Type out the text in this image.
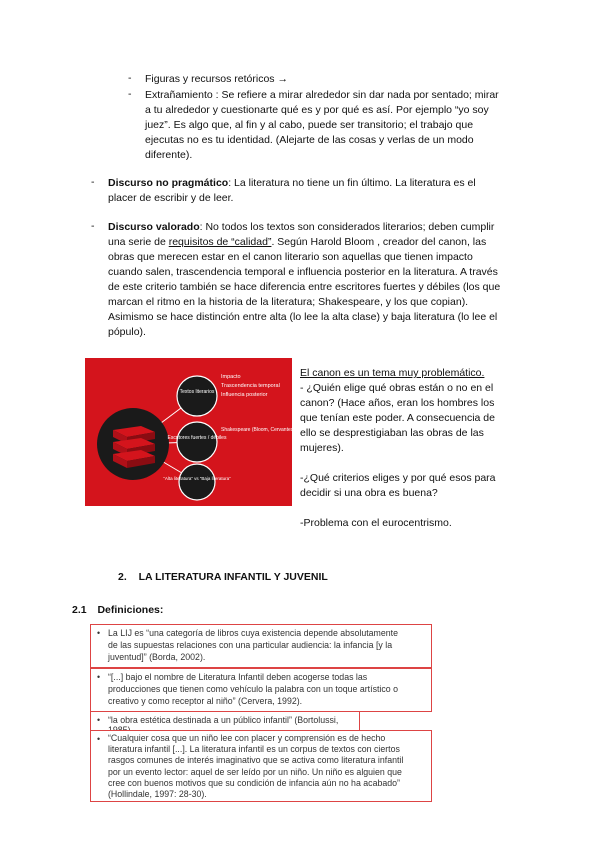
- Figuras y recursos retóricos →
- Extrañamiento : Se refiere a mirar alrededor sin dar nada por sentado; mirar
a tu alrededor y cuestionarte qué es y por qué es así. Por ejemplo “yo soy
juez”. Es algo que, al fin y al cabo, puede ser transitorio; el trabajo que
ejecutas no es tu identidad. (Alejarte de las cosas y verlas de un modo
diferente).
- Discurso no pragmático: La literatura no tiene un fin último. La literatura es el
placer de escribir y de leer.
- Discurso valorado: No todos los textos son considerados literarios; deben cumplir
una serie de requisitos de “calidad”. Según Harold Bloom , creador del canon, las
obras que merecen estar en el canon literario son aquellas que tienen impacto
cuando salen, trascendencia temporal e influencia posterior en la literatura. A través
de este criterio también se hace diferencia entre escritores fuertes y débiles (los que
marcan el ritmo en la historia de la literatura; Shakespeare, y los que copian).
Asimismo se hace distinción entre alta (lo lee la alta clase) y baja literatura (lo lee el
pópulo).
Textos literarios
Escritores fuertes / débiles
“Alta literatura” vs “Baja literatura”
Impacto
Trascendencia temporal
Influencia posterior
Shakespeare (Bloom, Cervantes, Tolstoi, Joyce...)
El canon es un tema muy problemático.
- ¿Quién elige qué obras están o no en el
canon? (Hace años, eran los hombres los
que tenían este poder. A consecuencia de
ello se desprestigiaban las obras de las
mujeres).
-¿Qué criterios eliges y por qué esos para
decidir si una obra es buena?
-Problema con el eurocentrismo.
2. LA LITERATURA INFANTIL Y JUVENIL
2.1 Definiciones:
• La LIJ es “una categoría de libros cuya existencia depende absolutamente
de las supuestas relaciones con una particular audiencia: la infancia [y la
juventud]” (Borda, 2002).
• “[...] bajo el nombre de Literatura Infantil deben acogerse todas las
producciones que tienen como vehículo la palabra con un toque artístico o
creativo y como receptor al niño” (Cervera, 1992).
• “la obra estética destinada a un público infantil” (Bortolussi,
• “Cualquier cosa que un niño lee con placer y comprensión es de hecho
literatura infantil [...]. La literatura infantil es un corpus de textos con ciertos
rasgos comunes de interés imaginativo que se activa como literatura infantil
por un evento lector: aquel de ser leído por un niño. Un niño es alguien que
cree con buenos motivos que su condición de infancia aún no ha acabado”
(Hollindale, 1997: 28-30).
